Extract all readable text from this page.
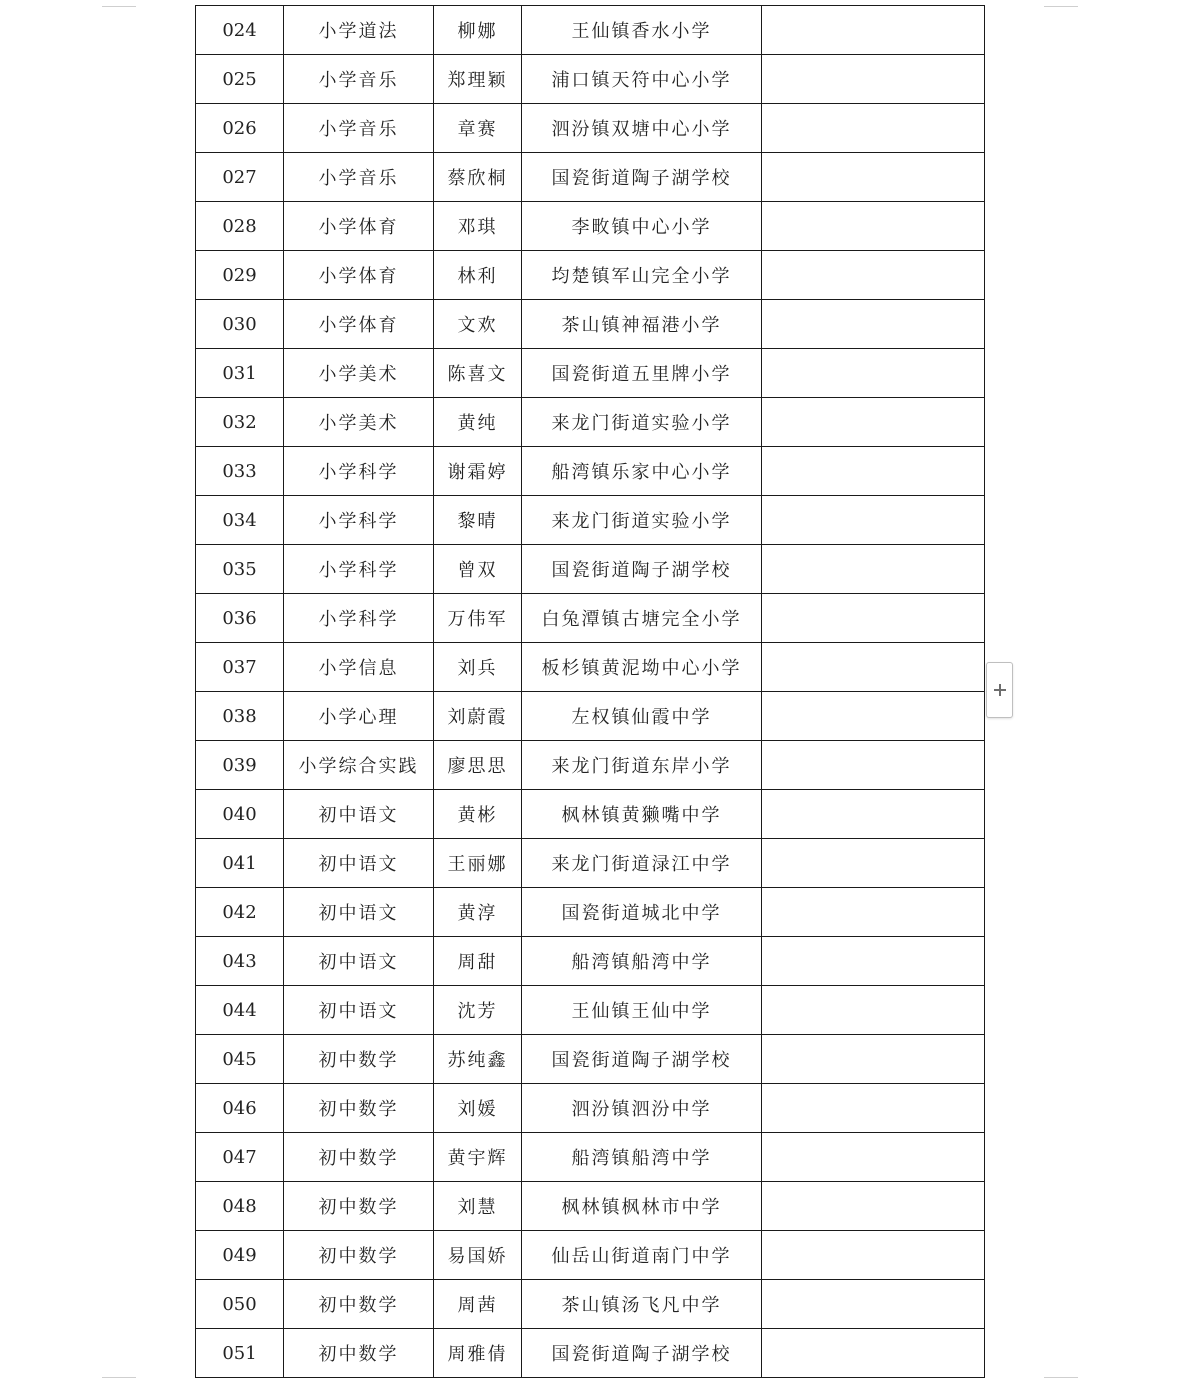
024	小学道法	柳娜	王仙镇香水小学	
025	小学音乐	郑理颖	浦口镇天符中心小学	
026	小学音乐	章赛	泗汾镇双塘中心小学	
027	小学音乐	蔡欣桐	国瓷街道陶子湖学校	
028	小学体育	邓琪	李畋镇中心小学	
029	小学体育	林利	均楚镇军山完全小学	
030	小学体育	文欢	茶山镇神福港小学	
031	小学美术	陈喜文	国瓷街道五里牌小学	
032	小学美术	黄纯	来龙门街道实验小学	
033	小学科学	谢霜婷	船湾镇乐家中心小学	
034	小学科学	黎晴	来龙门街道实验小学	
035	小学科学	曾双	国瓷街道陶子湖学校	
036	小学科学	万伟军	白兔潭镇古塘完全小学	
037	小学信息	刘兵	板杉镇黄泥坳中心小学	
038	小学心理	刘蔚霞	左权镇仙霞中学	
039	小学综合实践	廖思思	来龙门街道东岸小学	
040	初中语文	黄彬	枫林镇黄獭嘴中学	
041	初中语文	王丽娜	来龙门街道渌江中学	
042	初中语文	黄淳	国瓷街道城北中学	
043	初中语文	周甜	船湾镇船湾中学	
044	初中语文	沈芳	王仙镇王仙中学	
045	初中数学	苏纯鑫	国瓷街道陶子湖学校	
046	初中数学	刘媛	泗汾镇泗汾中学	
047	初中数学	黄宇辉	船湾镇船湾中学	
048	初中数学	刘慧	枫林镇枫林市中学	
049	初中数学	易国娇	仙岳山街道南门中学	
050	初中数学	周茜	茶山镇汤飞凡中学	
051	初中数学	周雅倩	国瓷街道陶子湖学校	
